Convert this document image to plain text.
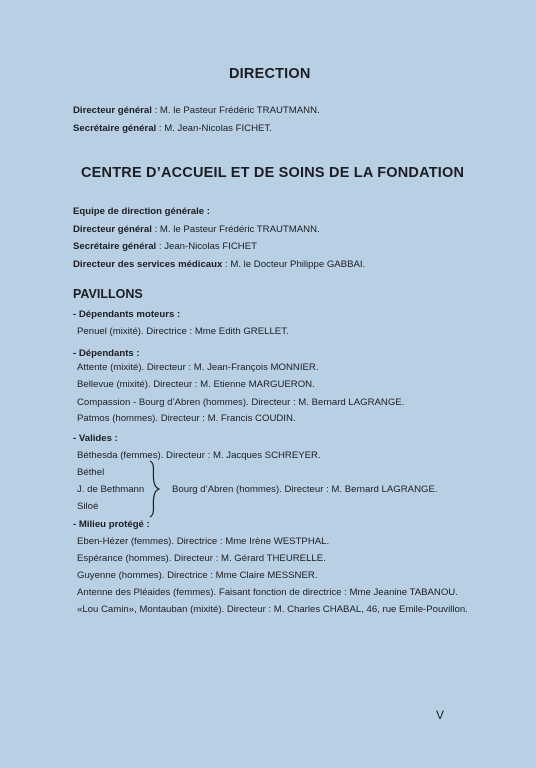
DIRECTION
Directeur général : M. le Pasteur Frédéric TRAUTMANN.
Secrétaire général : M. Jean-Nicolas FICHET.
CENTRE D’ACCUEIL ET DE SOINS DE LA FONDATION
Equipe de direction générale :
Directeur général : M. le Pasteur Frédéric TRAUTMANN.
Secrétaire général : Jean-Nicolas FICHET
Directeur des services médicaux : M. le Docteur Philippe GABBAI.
PAVILLONS
- Dépendants moteurs :
Penuel (mixité). Directrice : Mme Edith GRELLET.
- Dépendants :
Attente (mixité). Directeur : M. Jean-François MONNIER.
Bellevue (mixité). Directeur : M. Etienne MARGUERON.
Compassion - Bourg d’Abren (hommes). Directeur : M. Bernard LAGRANGE.
Patmos (hommes). Directeur : M. Francis COUDIN.
- Valides :
Béthesda (femmes). Directeur : M. Jacques SCHREYER.
Béthel
J. de Bethmann
Siloé
Bourg d’Abren (hommes). Directeur : M. Bernard LAGRANGE.
- Milieu protégé :
Eben-Hézer (femmes). Directrice : Mme Irène WESTPHAL.
Espérance (hommes). Directeur : M. Gérard THEURELLE.
Guyenne (hommes). Directrice : Mme Claire MESSNER.
Antenne des Pléaides (femmes). Faisant fonction de directrice : Mme Jeanine TABANOU.
«Lou Camin», Montauban (mixité). Directeur : M. Charles CHABAL, 46, rue Emile-Pouvillon.
V
